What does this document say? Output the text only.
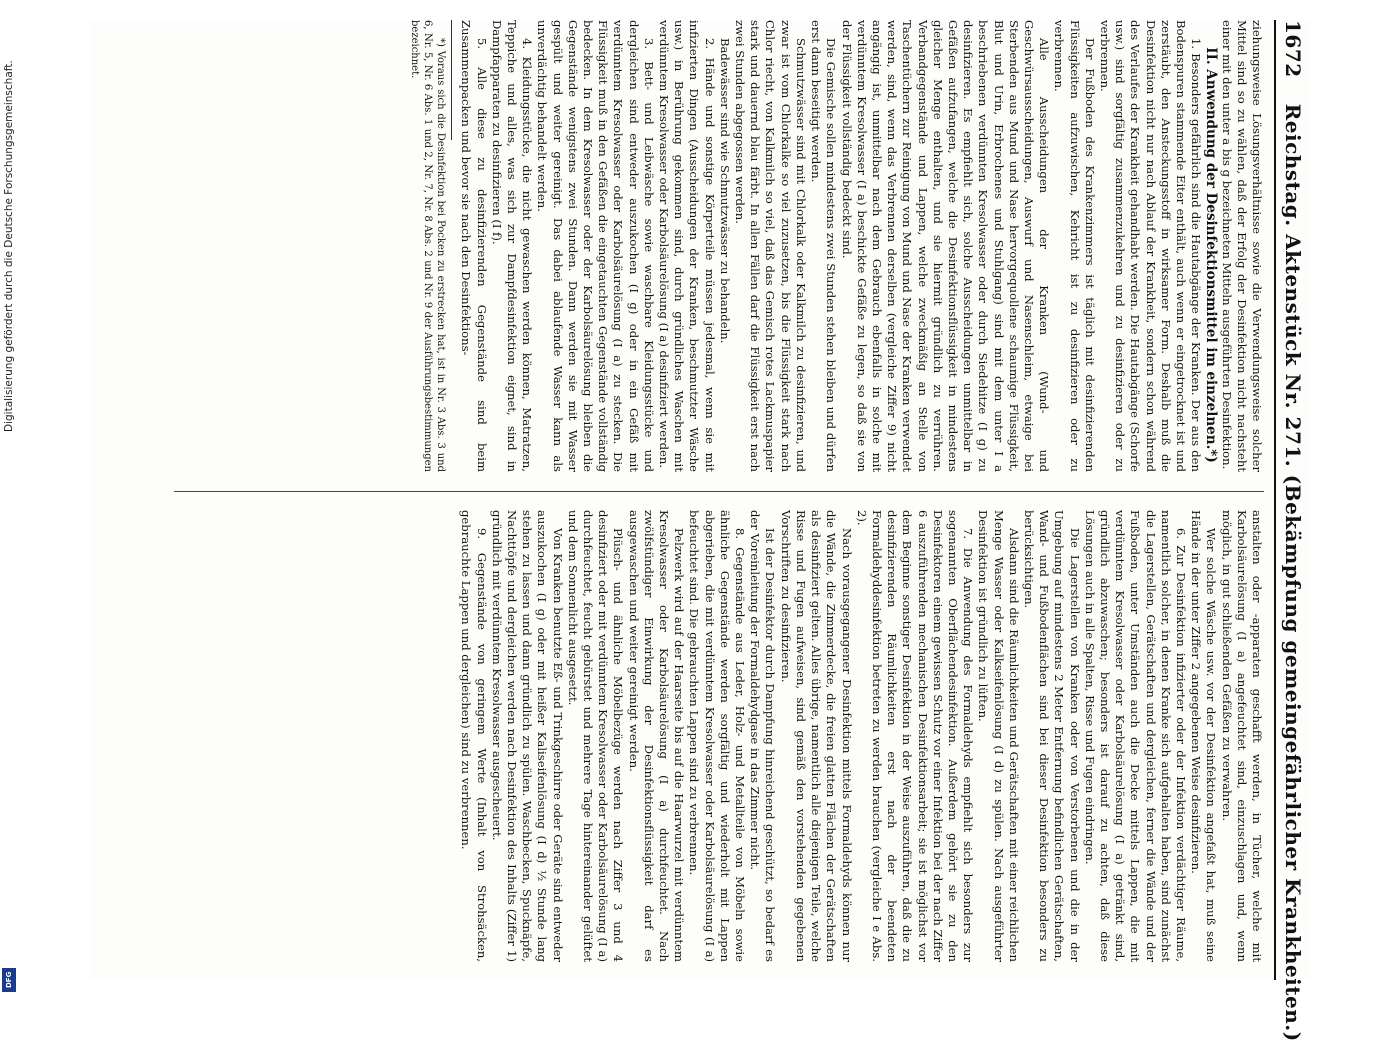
Digitalisierung gefördert durch die Deutsche Forschungsgemeinschaft.
DFG
1672
Reichstag. Aktenstück Nr. 271. (Bekämpfung gemeingefährlicher Krankheiten.)

ziehungsweise Lösungsverhältnisse sowie die Verwendungsweise solcher Mittel sind so zu wählen, daß der Erfolg der Desinfektion nicht nachsteht einer mit den unter a bis g bezeichneten Mitteln ausgeführten Desinfektion.

II. Anwendung der Desinfektionsmittel im einzelnen.*)

1. Besonders gefährlich sind die Hautabgänge der Kranken. Der aus den Bodenspuren stammende Eiter enthält, auch wenn er eingetrocknet ist und zerstäubt, den Ansteckungsstoff in wirksamer Form. Deshalb muß die Desinfektion nicht nur nach Ablauf der Krankheit, sondern schon während des Verlaufes der Krankheit gehandhabt werden. Die Hautabgänge (Schorfe usw.) sind sorgfältig zusammenzukehren und zu desinfizieren oder zu verbrennen.

Der Fußboden des Krankenzimmers ist täglich mit desinfizierenden Flüssigkeiten aufzuwischen, Kehricht ist zu desinfizieren oder zu verbrennen.

Alle Ausscheidungen der Kranken (Wund- und Geschwürsausscheidungen, Auswurf und Nasenschleim, etwaige bei Sterbenden aus Mund und Nase hervorgequollene schaumige Flüssigkeit, Blut und Urin, Erbrochenes und Stuhlgang) sind mit dem unter I a beschriebenen verdünnten Kresolwasser oder durch Siedehitze (I g) zu desinfizieren. Es empfiehlt sich, solche Ausscheidungen unmittelbar in Gefäßen aufzufangen, welche die Desinfektionsflüssigkeit in mindestens gleicher Menge enthalten, und sie hiermit gründlich zu verrühren. Verbandgegenstände und Lappen, welche zweckmäßig an Stelle von Taschentüchern zur Reinigung von Mund und Nase der Kranken verwendet werden, sind, wenn das Verbrennen derselben (vergleiche Ziffer 9) nicht angängig ist, unmittelbar nach dem Gebrauch ebenfalls in solche mit verdünntem Kresolwasser (I a) beschickte Gefäße zu legen, so daß sie von der Flüssigkeit vollständig bedeckt sind.

Die Gemische sollen mindestens zwei Stunden stehen bleiben und dürfen erst dann beseitigt werden.

Schmutzwässer sind mit Chlorkalk oder Kalkmilch zu desinfizieren, und zwar ist vom Chlorkalke so viel zuzusetzen, bis die Flüssigkeit stark nach Chlor riecht, von Kalkmilch so viel, daß das Gemisch rotes Lackmuspapier stark und dauernd blau färbt. In allen Fällen darf die Flüssigkeit erst nach zwei Stunden abgegossen werden.

Badewässer sind wie Schmutzwässer zu behandeln.

2. Hände und sonstige Körperteile müssen jedesmal, wenn sie mit infizierten Dingen (Ausscheidungen der Kranken, beschmutzter Wäsche usw.) in Berührung gekommen sind, durch gründliches Waschen mit verdünntem Kresolwasser oder Karbolsäurelösung (I a) desinfiziert werden.

3. Bett- und Leibwäsche sowie waschbare Kleidungsstücke und dergleichen sind entweder auszukochen (I g) oder in ein Gefäß mit verdünntem Kresolwasser oder Karbolsäurelösung (I a) zu stecken. Die Flüssigkeit muß in den Gefäßen die eingetauchten Gegenstände vollständig bedecken. In dem Kresolwasser oder der Karbolsäurelösung bleiben die Gegenstände wenigstens zwei Stunden. Dann werden sie mit Wasser gespült und weiter gereinigt. Das dabei ablaufende Wasser kann als unverdächtig behandelt werden.

4. Kleidungsstücke, die nicht gewaschen werden können, Matratzen, Teppiche und alles, was sich zur Dampfdesinfektion eignet, sind in Dampfapparaten zu desinfizieren (I f).

5. Alle diese zu desinfizierenden Gegenstände sind beim Zusammenpacken und bevor sie nach den Desinfektions-

*) Voraus sich die Desinfektion bei Pocken zu erstrecken hat, ist in Nr. 3 Abs. 3 und 6, Nr. 5, Nr. 6 Abs. 1 und 2, Nr. 7, Nr. 8 Abs. 2 und Nr. 9 der Ausführungsbestimmungen bezeichnet.

anstalten oder -apparaten geschafft werden, in Tücher, welche mit Karbolsäurelösung (I a) angefeuchtet sind, einzuschlagen und, wenn möglich, in gut schließenden Gefäßen zu verwahren.

Wer solche Wäsche usw. vor der Desinfektion angefaßt hat, muß seine Hände in der unter Ziffer 2 angegebenen Weise desinfizieren.

6. Zur Desinfektion infizierter oder der Infektion verdächtiger Räume, namentlich solcher, in denen Kranke sich aufgehalten haben, sind zunächst die Lagerstellen, Gerätschaften und dergleichen, ferner die Wände und der Fußboden, unter Umständen auch die Decke mittels Lappen, die mit verdünntem Kresolwasser oder Karbolsäurelösung (I a) getränkt sind, gründlich abzuwaschen; besonders ist darauf zu achten, daß diese Lösungen auch in alle Spalten, Risse und Fugen eindringen.

Die Lagerstellen von Kranken oder von Verstorbenen und die in der Umgebung auf mindestens 2 Meter Entfernung befindlichen Gerätschaften, Wand- und Fußbodenflächen sind bei dieser Desinfektion besonders zu berücksichtigen.

Alsdann sind die Räumlichkeiten und Gerätschaften mit einer reichlichen Menge Wasser oder Kalkseifenlösung (I d) zu spülen. Nach ausgeführter Desinfektion ist gründlich zu lüften.

7. Die Anwendung des Formaldehyds empfiehlt sich besonders zur sogenannten Oberflächendesinfektion. Außerdem gehört sie zu den Desinfektoren einem gewissen Schutz vor einer Infektion bei der nach Ziffer 6 auszuführenden mechanischen Desinfektionsarbeit; sie ist möglichst vor dem Beginne sonstiger Desinfektion in der Weise auszuführen, daß die zu desinfizierenden Räumlichkeiten erst nach der beendeten Formaldehyddesinfektion betreten zu werden brauchen (vergleiche I e Abs. 2).

Nach vorausgegangener Desinfektion mittels Formaldehyds können nur die Wände, die Zimmerdecke, die freien glatten Flächen der Gerätschaften als desinfiziert gelten. Alles übrige, namentlich alle diejenigen Teile, welche Risse und Fugen aufweisen, sind gemäß den vorstehenden gegebenen Vorschriften zu desinfizieren.

Ist der Desinfektor durch Dampfung hinreichend geschützt, so bedarf es der Voreinleitung der Formaldehydgase in das Zimmer nicht.

8. Gegenstände aus Leder, Holz- und Metallteile von Möbeln sowie ähnliche Gegenstände werden sorgfältig und wiederholt mit Lappen abgerieben, die mit verdünntem Kresolwasser oder Karbolsäurelösung (I a) befeuchtet sind. Die gebrauchten Lappen sind zu verbrennen.

Pelzwerk wird auf der Haarseite bis auf die Haarwurzel mit verdünntem Kresolwasser oder Karbolsäurelösung (I a) durchfeuchtet. Nach zwölfstündiger Einwirkung der Desinfektionsflüssigkeit darf es ausgewaschen und weiter gereinigt werden.

Plüsch- und ähnliche Möbelbezüge werden nach Ziffer 3 und 4 desinfiziert oder mit verdünntem Kresolwasser oder Karbolsäurelösung (I a) durchfeuchtet, feucht gebürstet und mehrere Tage hintereinander gelüftet und dem Sonnenlicht ausgesetzt.

Von Kranken benutzte Eß- und Trinkgeschirre oder Geräte sind entweder auszukochen (I g) oder mit heißer Kaliseifenlösung (I d) ½ Stunde lang stehen zu lassen und dann gründlich zu spülen. Waschbecken, Spucknäpfe, Nachttöpfe und dergleichen werden nach Desinfektion des Inhalts (Ziffer 1) gründlich mit verdünntem Kresolwasser ausgescheuert.

9. Gegenstände von geringem Werte (Inhalt von Strohsäcken, gebrauchte Lappen und dergleichen) sind zu verbrennen.
